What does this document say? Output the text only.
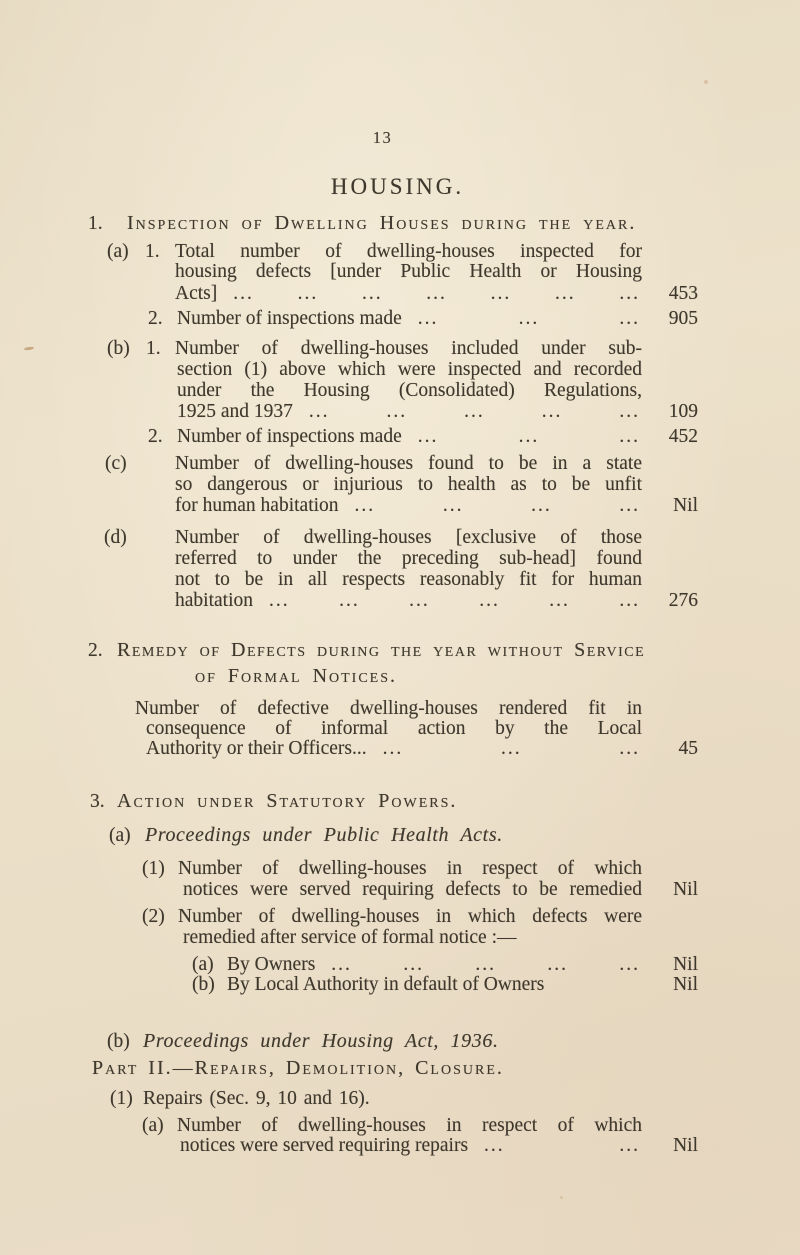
13
HOUSING.
1. Inspection of Dwelling Houses during the year.
(a) 1. Total number of dwelling-houses inspected for
housing defects [under Public Health or Housing
Acts] ... ... ... ... ... ... ...	453
2. Number of inspections made ...	...	...	905
(b) 1. Number of dwelling-houses included under sub-
section (1) above which were inspected and recorded
under the Housing (Consolidated) Regulations,
1925 and 1937 ...	...	...	...	...	109
2. Number of inspections made ...	...	...	452
(c) Number of dwelling-houses found to be in a state
so dangerous or injurious to health as to be unfit
for human habitation ...	...	...	...	Nil
(d) Number of dwelling-houses [exclusive of those
referred to under the preceding sub-head] found
not to be in all respects reasonably fit for human
habitation ...	...	...	...	...	...	276
2. Remedy of Defects during the year without Service
of Formal Notices.
Number of defective dwelling-houses rendered fit in
consequence of informal action by the Local
Authority or their Officers... ...	...	...	45
3. Action under Statutory Powers.
(a) Proceedings under Public Health Acts.
(1) Number of dwelling-houses in respect of which
notices were served requiring defects to be remedied	Nil
(2) Number of dwelling-houses in which defects were
remedied after service of formal notice :—
(a) By Owners ...	...	...	...	...	Nil
(b) By Local Authority in default of Owners	Nil
(b) Proceedings under Housing Act, 1936.
Part II.—Repairs, Demolition, Closure.
(1) Repairs (Sec. 9, 10 and 16).
(a) Number of dwelling-houses in respect of which
notices were served requiring repairs ...	...	Nil
